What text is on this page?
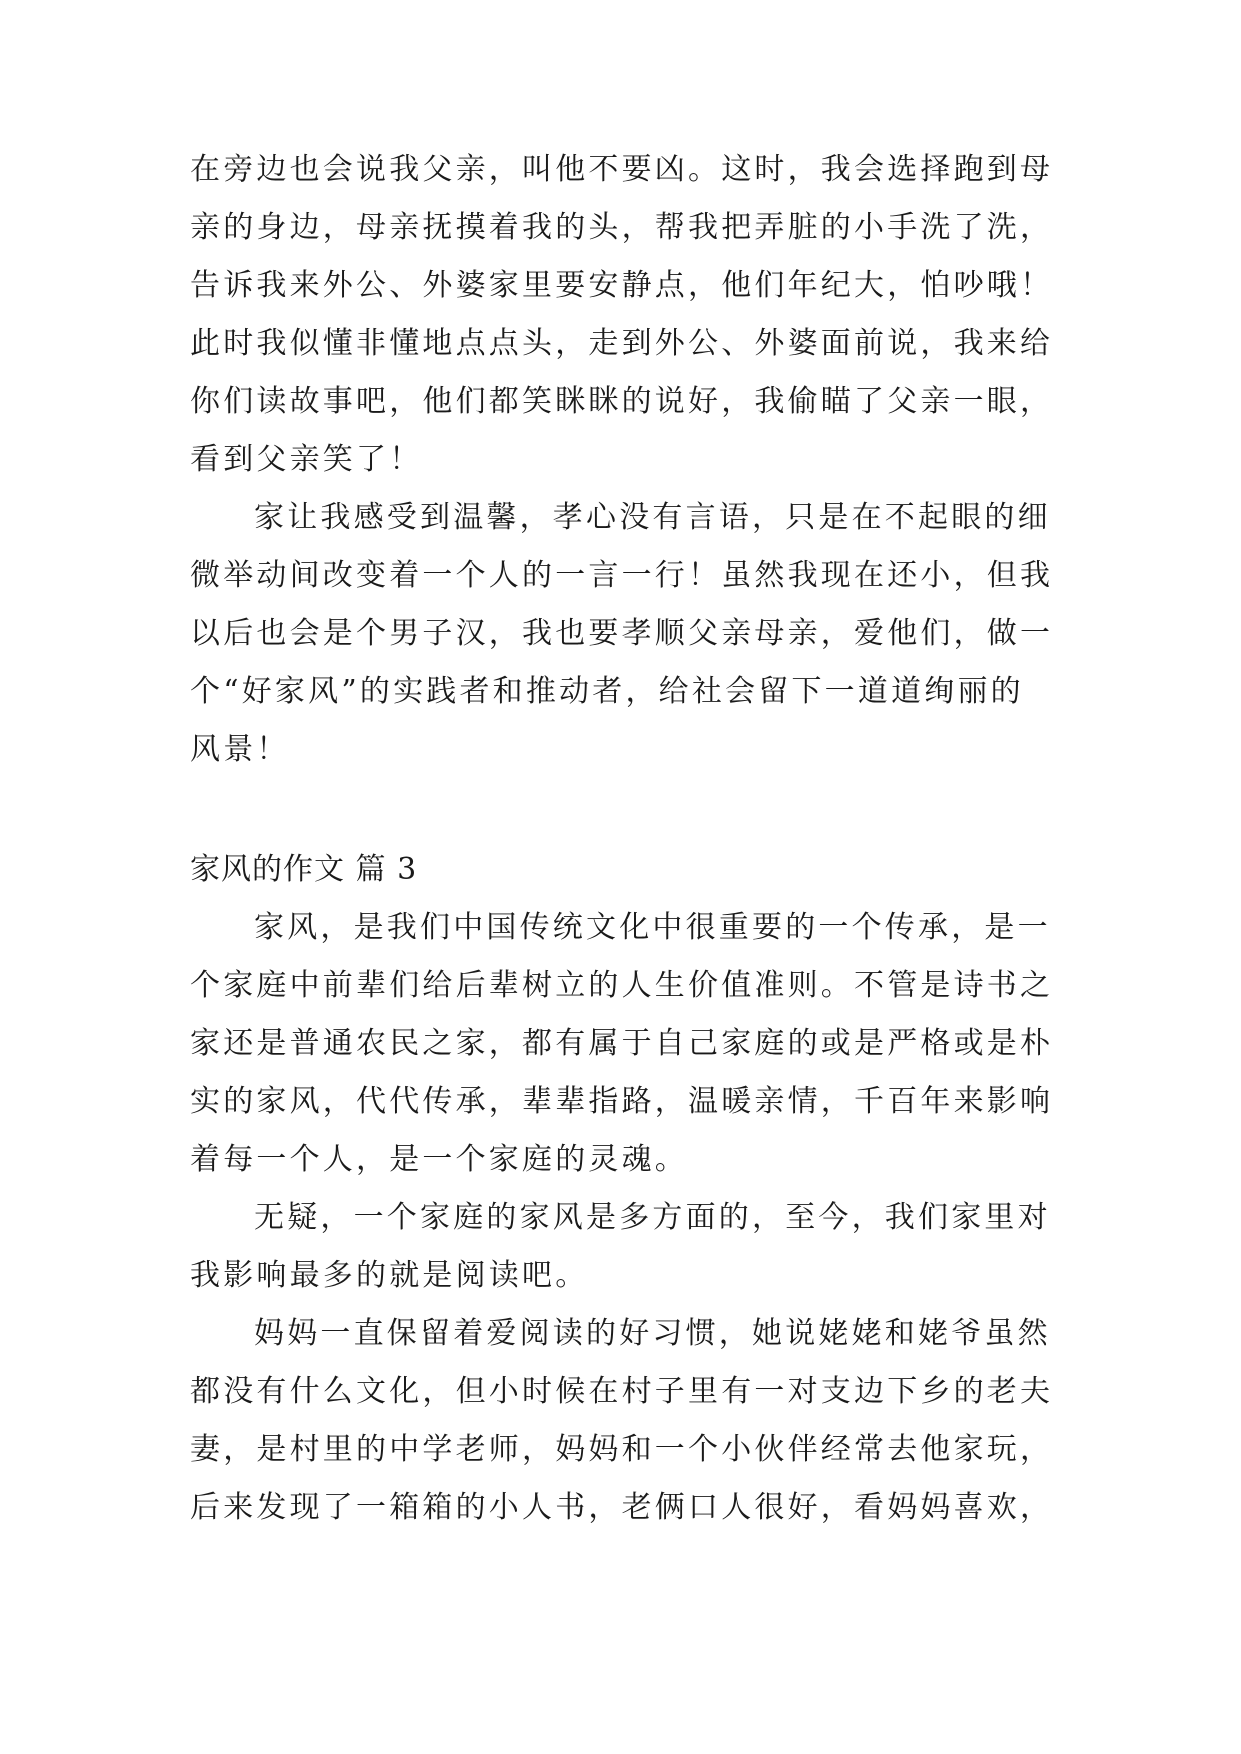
在旁边也会说我父亲，叫他不要凶。这时，我会选择跑到母
亲的身边，母亲抚摸着我的头，帮我把弄脏的小手洗了洗，
告诉我来外公、外婆家里要安静点，他们年纪大，怕吵哦！
此时我似懂非懂地点点头，走到外公、外婆面前说，我来给
你们读故事吧，他们都笑眯眯的说好，我偷瞄了父亲一眼，
看到父亲笑了！
家让我感受到温馨，孝心没有言语，只是在不起眼的细
微举动间改变着一个人的一言一行！虽然我现在还小，但我
以后也会是个男子汉，我也要孝顺父亲母亲，爱他们，做一
个“好家风”的实践者和推动者，给社会留下一道道绚丽的
风景！
家风的作文 篇 3
家风，是我们中国传统文化中很重要的一个传承，是一
个家庭中前辈们给后辈树立的人生价值准则。不管是诗书之
家还是普通农民之家，都有属于自己家庭的或是严格或是朴
实的家风，代代传承，辈辈指路，温暖亲情，千百年来影响
着每一个人，是一个家庭的灵魂。
无疑，一个家庭的家风是多方面的，至今，我们家里对
我影响最多的就是阅读吧。
妈妈一直保留着爱阅读的好习惯，她说姥姥和姥爷虽然
都没有什么文化，但小时候在村子里有一对支边下乡的老夫
妻，是村里的中学老师，妈妈和一个小伙伴经常去他家玩，
后来发现了一箱箱的小人书，老俩口人很好，看妈妈喜欢，
